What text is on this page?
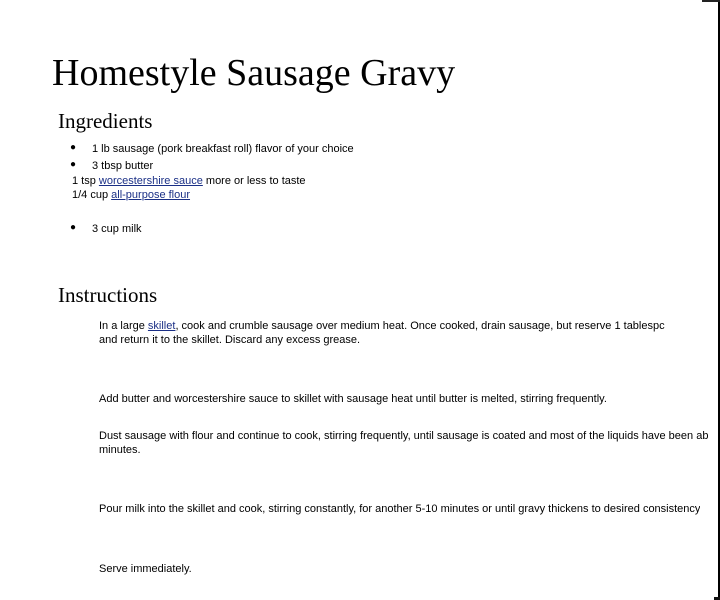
Homestyle Sausage Gravy
Ingredients
● 1 lb sausage (pork breakfast roll) flavor of your choice
● 3 tbsp butter
1 tsp worcestershire sauce more or less to taste
1/4 cup all-purpose flour
● 3 cup milk
Instructions
In a large skillet, cook and crumble sausage over medium heat. Once cooked, drain sausage, but reserve 1 tablespc
and return it to the skillet. Discard any excess grease.
Add butter and worcestershire sauce to skillet with sausage heat until butter is melted, stirring frequently.
Dust sausage with flour and continue to cook, stirring frequently, until sausage is coated and most of the liquids have been ab
minutes.
Pour milk into the skillet and cook, stirring constantly, for another 5-10 minutes or until gravy thickens to desired consistency
Serve immediately.
